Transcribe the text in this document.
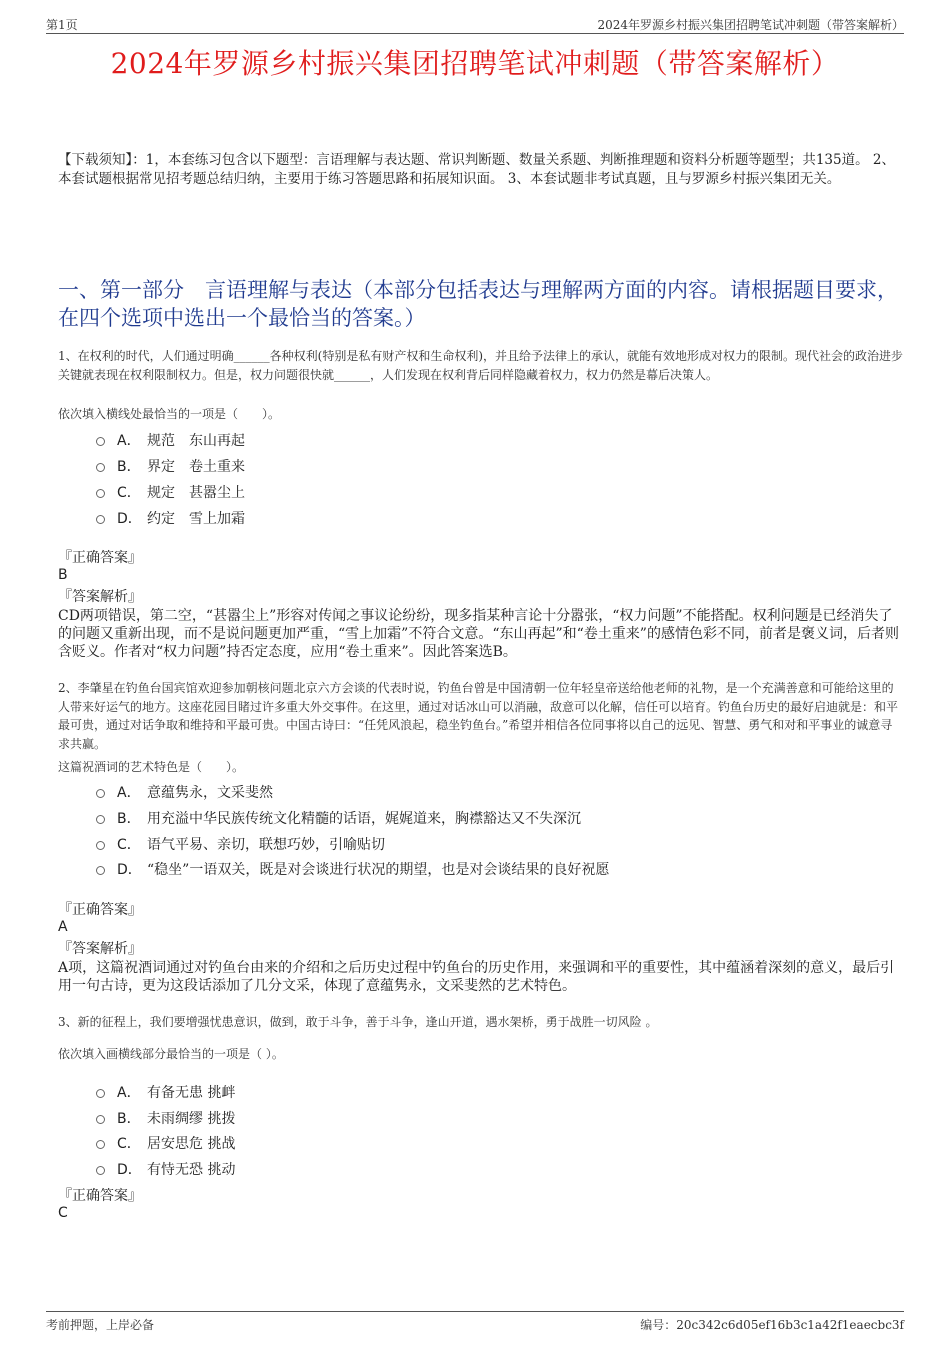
第1页	2024年罗源乡村振兴集团招聘笔试冲刺题（带答案解析）
2024年罗源乡村振兴集团招聘笔试冲刺题（带答案解析）
【下载须知】：1，本套练习包含以下题型：言语理解与表达题、常识判断题、数量关系题、判断推理题和资料分析题等题型；共135道。 2、本套试题根据常见招考题总结归纳，主要用于练习答题思路和拓展知识面。 3、本套试题非考试真题，且与罗源乡村振兴集团无关。
一、第一部分　言语理解与表达（本部分包括表达与理解两方面的内容。请根据题目要求，在四个选项中选出一个最恰当的答案。）
1、在权利的时代，人们通过明确______各种权利(特别是私有财产权和生命权利)，并且给予法律上的承认，就能有效地形成对权力的限制。现代社会的政治进步关键就表现在权利限制权力。但是，权力问题很快就______，人们发现在权利背后同样隐藏着权力，权力仍然是幕后决策人。
依次填入横线处最恰当的一项是（　　）。
A． 规范　东山再起
B． 界定　卷土重来
C． 规定　甚嚣尘上
D． 约定　雪上加霜
『正确答案』
B
『答案解析』
CD两项错误，第二空，“甚嚣尘上”形容对传闻之事议论纷纷，现多指某种言论十分嚣张，“权力问题”不能搭配。权利问题是已经消失了的问题又重新出现，而不是说问题更加严重，“雪上加霜”不符合文意。“东山再起”和“卷土重来”的感情色彩不同，前者是褒义词，后者则含贬义。作者对“权力问题”持否定态度，应用“卷土重来”。因此答案选B。
2、李肇星在钓鱼台国宾馆欢迎参加朝核问题北京六方会谈的代表时说，钓鱼台曾是中国清朝一位年轻皇帝送给他老师的礼物，是一个充满善意和可能给这里的人带来好运气的地方。这座花园目睹过许多重大外交事件。在这里，通过对话冰山可以消融，敌意可以化解，信任可以培育。钓鱼台历史的最好启迪就是：和平最可贵，通过对话争取和维持和平最可贵。中国古诗曰：“任凭风浪起，稳坐钓鱼台。”希望并相信各位同事将以自己的远见、智慧、勇气和对和平事业的诚意寻求共赢。
这篇祝酒词的艺术特色是（　　）。
A． 意蕴隽永，文采斐然
B． 用充溢中华民族传统文化精髓的话语，娓娓道来，胸襟豁达又不失深沉
C． 语气平易、亲切，联想巧妙，引喻贴切
D． “稳坐”一语双关，既是对会谈进行状况的期望，也是对会谈结果的良好祝愿
『正确答案』
A
『答案解析』
A项，这篇祝酒词通过对钓鱼台由来的介绍和之后历史过程中钓鱼台的历史作用，来强调和平的重要性，其中蕴涵着深刻的意义，最后引用一句古诗，更为这段话添加了几分文采，体现了意蕴隽永，文采斐然的艺术特色。
3、新的征程上，我们要增强忧患意识，做到，敢于斗争，善于斗争，逢山开道，遇水架桥，勇于战胜一切风险 。
依次填入画横线部分最恰当的一项是（ ）。
A． 有备无患 挑衅
B． 未雨绸缪 挑拨
C． 居安思危 挑战
D． 有恃无恐 挑动
『正确答案』
C
考前押题，上岸必备	编号：20c342c6d05ef16b3c1a42f1eaecbc3f
